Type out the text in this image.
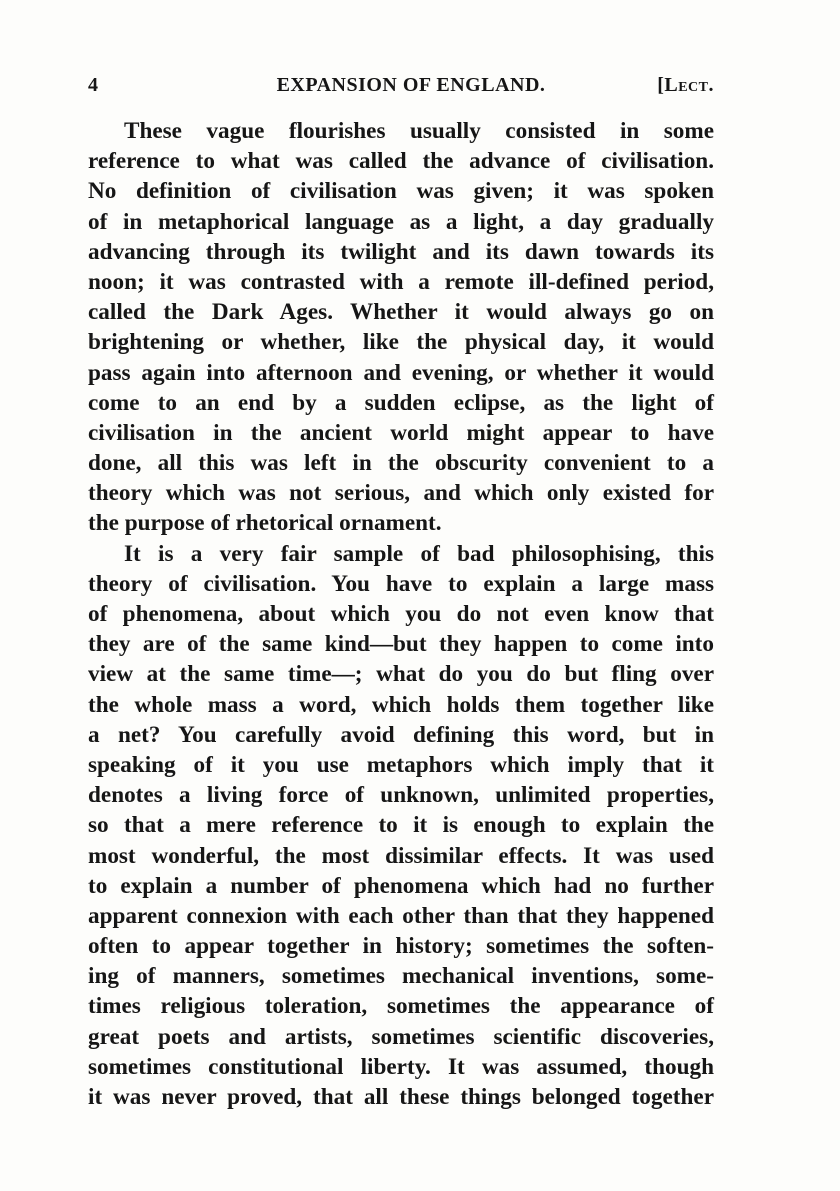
4	EXPANSION OF ENGLAND.	[Lect.
These vague flourishes usually consisted in some
reference to what was called the advance of civilisation.
No definition of civilisation was given; it was spoken
of in metaphorical language as a light, a day gradually
advancing through its twilight and its dawn towards its
noon; it was contrasted with a remote ill-defined period,
called the Dark Ages. Whether it would always go on
brightening or whether, like the physical day, it would
pass again into afternoon and evening, or whether it would
come to an end by a sudden eclipse, as the light of
civilisation in the ancient world might appear to have
done, all this was left in the obscurity convenient to a
theory which was not serious, and which only existed for
the purpose of rhetorical ornament.
It is a very fair sample of bad philosophising, this
theory of civilisation. You have to explain a large mass
of phenomena, about which you do not even know that
they are of the same kind—but they happen to come into
view at the same time—; what do you do but fling over
the whole mass a word, which holds them together like
a net? You carefully avoid defining this word, but in
speaking of it you use metaphors which imply that it
denotes a living force of unknown, unlimited properties,
so that a mere reference to it is enough to explain the
most wonderful, the most dissimilar effects. It was used
to explain a number of phenomena which had no further
apparent connexion with each other than that they happened
often to appear together in history; sometimes the soften-
ing of manners, sometimes mechanical inventions, some-
times religious toleration, sometimes the appearance of
great poets and artists, sometimes scientific discoveries,
sometimes constitutional liberty. It was assumed, though
it was never proved, that all these things belonged together
